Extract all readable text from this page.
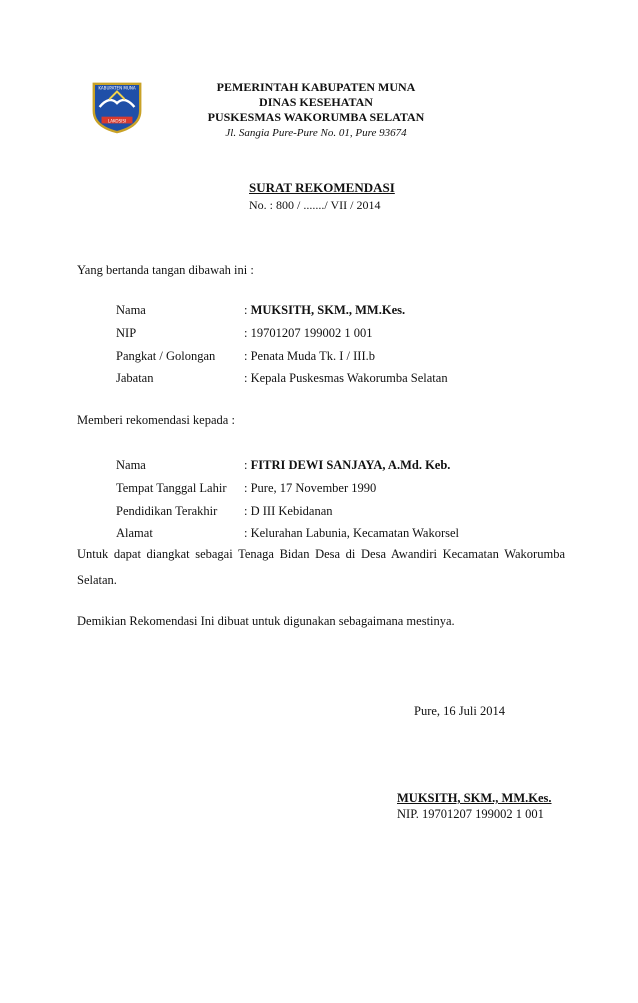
KABUPATEN MUNA
LAKOSISI
PEMERINTAH KABUPATEN MUNA
DINAS KESEHATAN
PUSKESMAS WAKORUMBA SELATAN
Jl. Sangia Pure-Pure No. 01, Pure 93674
SURAT REKOMENDASI
No. : 800 / ......./ VII / 2014
Yang bertanda tangan dibawah ini :
Nama	: MUKSITH, SKM., MM.Kes.
NIP	: 19701207 199002 1 001
Pangkat / Golongan : Penata Muda Tk. I / III.b
Jabatan	: Kepala Puskesmas Wakorumba Selatan
Memberi rekomendasi kepada :
Nama	: FITRI DEWI SANJAYA, A.Md. Keb.
Tempat Tanggal Lahir : Pure, 17 November 1990
Pendidikan Terakhir : D III Kebidanan
Alamat	: Kelurahan Labunia, Kecamatan Wakorsel
Untuk dapat diangkat sebagai Tenaga Bidan Desa di Desa Awandiri Kecamatan Wakorumba Selatan.
Demikian Rekomendasi Ini dibuat untuk digunakan sebagaimana mestinya.
Pure, 16 Juli 2014
MUKSITH, SKM., MM.Kes.
NIP. 19701207 199002 1 001
